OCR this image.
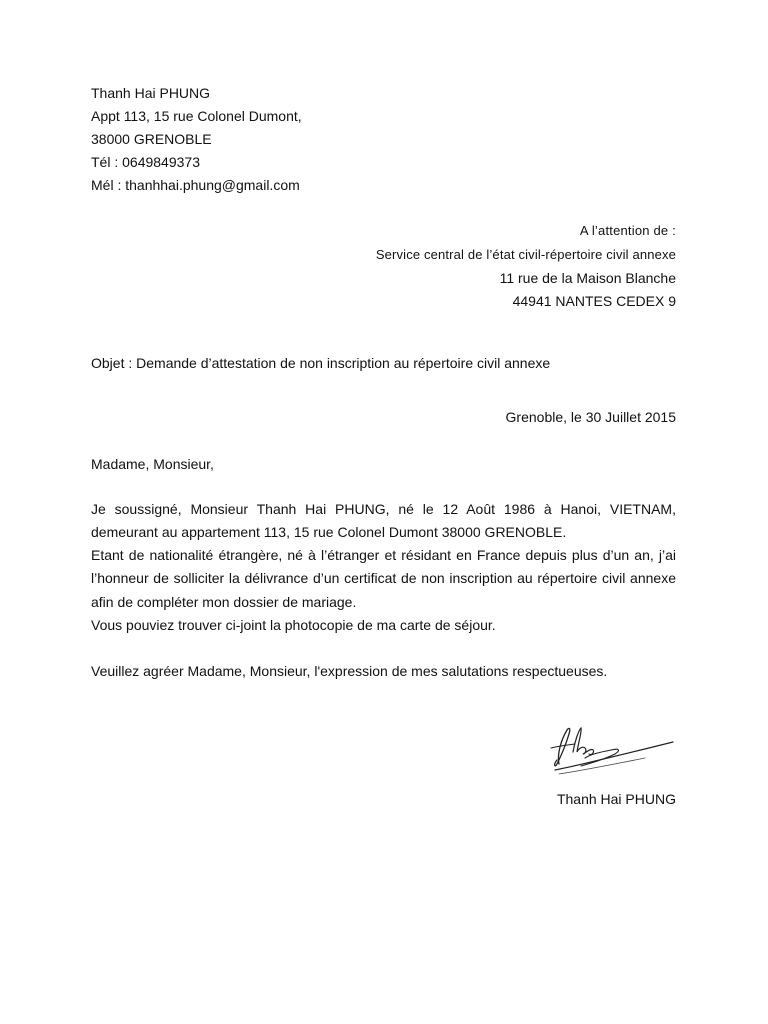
Thanh Hai PHUNG
Appt 113, 15 rue Colonel Dumont,
38000 GRENOBLE
Tél : 0649849373
Mél : thanhhai.phung@gmail.com
A l’attention de :
Service central de l’état civil-répertoire civil annexe
11 rue de la Maison Blanche
44941 NANTES CEDEX 9
Objet : Demande d’attestation de non inscription au répertoire civil annexe
Grenoble, le 30 Juillet 2015
Madame, Monsieur,
Je soussigné, Monsieur Thanh Hai PHUNG, né le 12 Août 1986 à Hanoi, VIETNAM,
demeurant au appartement 113, 15 rue Colonel Dumont 38000 GRENOBLE.
Etant de nationalité étrangère, né à l’étranger et résidant en France depuis plus d’un an, j’ai
l’honneur de solliciter la délivrance d’un certificat de non inscription au répertoire civil annexe
afin de compléter mon dossier de mariage.
Vous pouviez trouver ci-joint la photocopie de ma carte de séjour.
Veuillez agréer Madame, Monsieur, l'expression de mes salutations respectueuses.
Thanh Hai PHUNG
